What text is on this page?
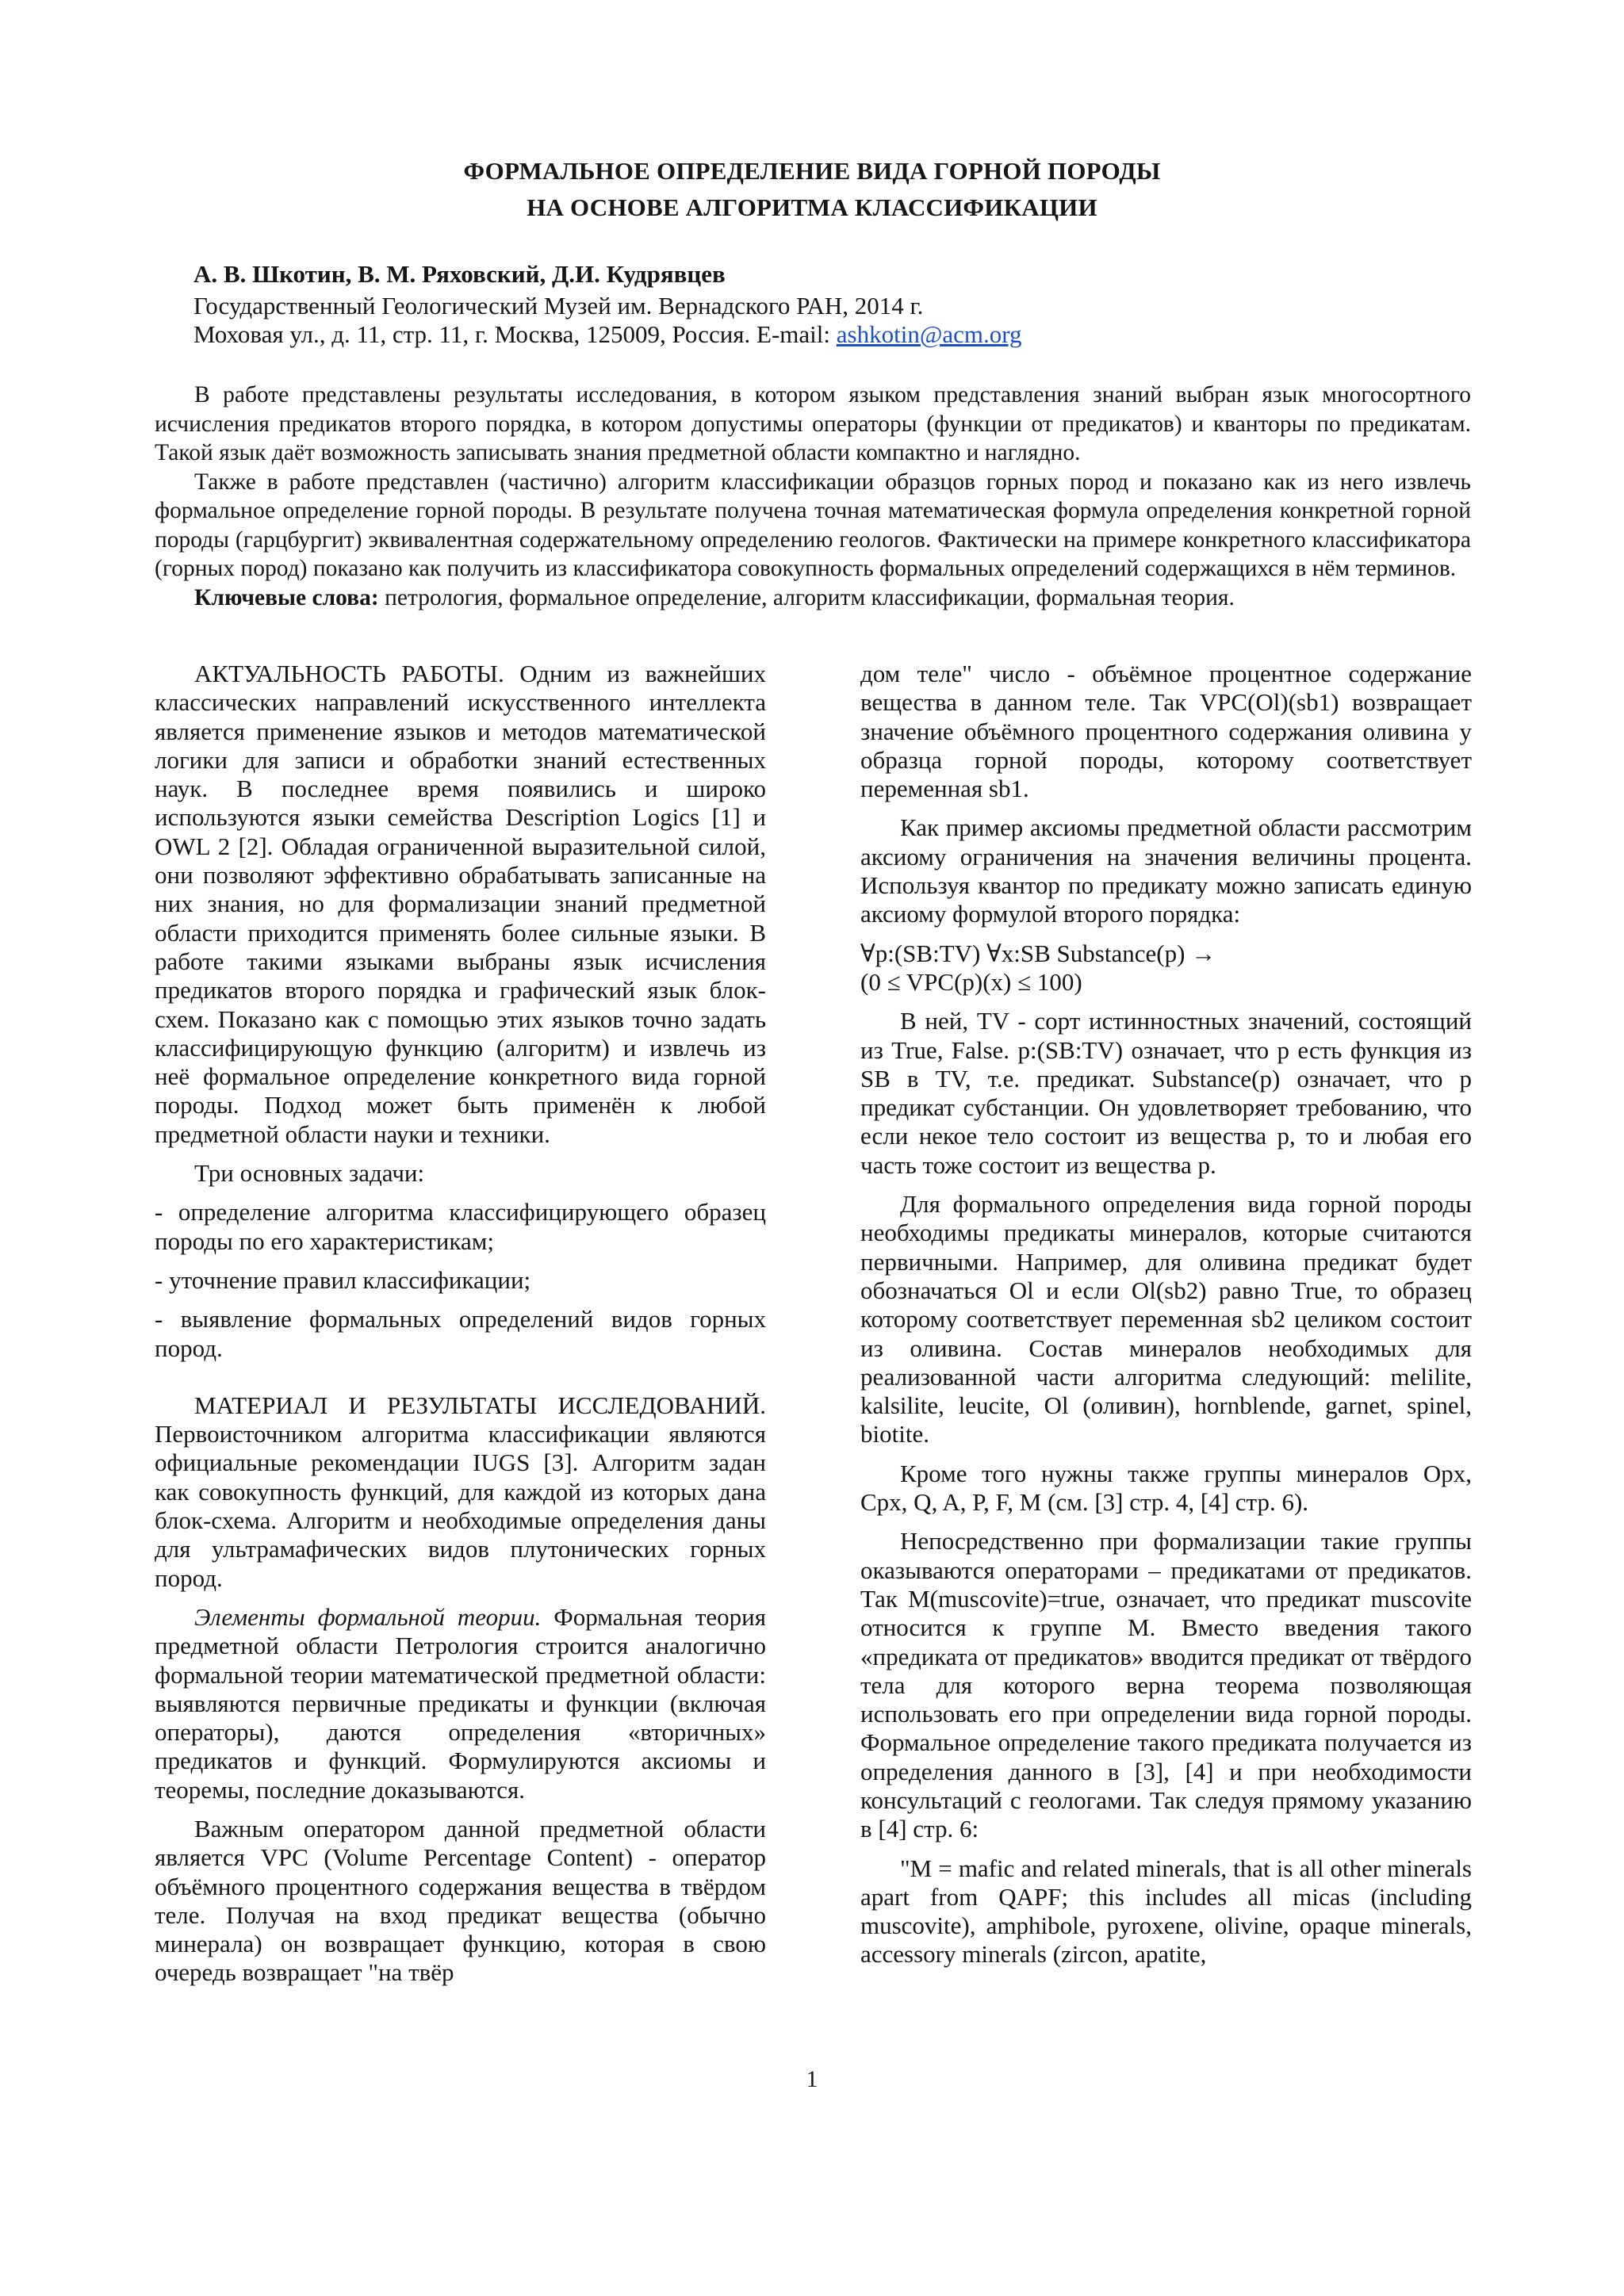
ФОРМАЛЬНОЕ ОПРЕДЕЛЕНИЕ ВИДА ГОРНОЙ ПОРОДЫ
НА ОСНОВЕ АЛГОРИТМА КЛАССИФИКАЦИИ
А. В. Шкотин, В. М. Ряховский, Д.И. Кудрявцев
Государственный Геологический Музей им. Вернадского РАН, 2014 г.
Моховая ул., д. 11, стр. 11, г. Москва, 125009, Россия. E-mail: ashkotin@acm.org

В работе представлены результаты исследования, в котором языком представления знаний выбран язык многосортного исчисления предикатов второго порядка, в котором допустимы операторы (функции от предикатов) и кванторы по предикатам. Такой язык даёт возможность записывать знания предметной области компактно и наглядно.

Также в работе представлен (частично) алгоритм классификации образцов горных пород и показано как из него извлечь формальное определение горной породы. В результате получена точная математическая формула определения конкретной горной породы (гарцбургит) эквивалентная содержательному определению геологов. Фактически на примере конкретного классификатора (горных пород) показано как получить из классификатора совокупность формальных определений содержащихся в нём терминов.

Ключевые слова: петрология, формальное определение, алгоритм классификации, формальная теория.

АКТУАЛЬНОСТЬ РАБОТЫ. Одним из важнейших классических направлений искусственного интеллекта является применение языков и методов математической логики для записи и обработки знаний естественных наук. В последнее время появились и широко используются языки семейства Description Logics [1] и OWL 2 [2]. Обладая ограниченной выразительной силой, они позволяют эффективно обрабатывать записанные на них знания, но для формализации знаний предметной области приходится применять более сильные языки. В работе такими языками выбраны язык исчисления предикатов второго порядка и графический язык блок-схем. Показано как с помощью этих языков точно задать классифицирующую функцию (алгоритм) и извлечь из неё формальное определение конкретного вида горной породы. Подход может быть применён к любой предметной области науки и техники.

Три основных задачи:

- определение алгоритма классифицирующего образец породы по его характеристикам;

- уточнение правил классификации;

- выявление формальных определений видов горных пород.

МАТЕРИАЛ И РЕЗУЛЬТАТЫ ИССЛЕДОВАНИЙ. Первоисточником алгоритма классификации являются официальные рекомендации IUGS [3]. Алгоритм задан как совокупность функций, для каждой из которых дана блок-схема. Алгоритм и необходимые определения даны для ультрамафических видов плутонических горных пород.

Элементы формальной теории. Формальная теория предметной области Петрология строится аналогично формальной теории математической предметной области: выявляются первичные предикаты и функции (включая операторы), даются определения «вторичных» предикатов и функций. Формулируются аксиомы и теоремы, последние доказываются.

Важным оператором данной предметной области является VPC (Volume Percentage Content) - оператор объёмного процентного содержания вещества в твёрдом теле. Получая на вход предикат вещества (обычно минерала) он возвращает функцию, которая в свою очередь возвращает "на твёр

дом теле" число - объёмное процентное содержание вещества в данном теле. Так VPC(Ol)(sb1) возвращает значение объёмного процентного содержания оливина у образца горной породы, которому соответствует переменная sb1.

Как пример аксиомы предметной области рассмотрим аксиому ограничения на значения величины процента. Используя квантор по предикату можно записать единую аксиому формулой второго порядка:

∀p:(SB:TV) ∀x:SB Substance(p) →
(0 ≤ VPC(p)(x) ≤ 100)

В ней, TV - сорт истинностных значений, состоящий из True, False. p:(SB:TV) означает, что p есть функция из SB в TV, т.е. предикат. Substance(p) означает, что p предикат субстанции. Он удовлетворяет требованию, что если некое тело состоит из вещества p, то и любая его часть тоже состоит из вещества p.

Для формального определения вида горной породы необходимы предикаты минералов, которые считаются первичными. Например, для оливина предикат будет обозначаться Ol и если Ol(sb2) равно True, то образец которому соответствует переменная sb2 целиком состоит из оливина. Состав минералов необходимых для реализованной части алгоритма следующий: melilite, kalsilite, leucite, Ol (оливин), hornblende, garnet, spinel, biotite.

Кроме того нужны также группы минералов Opx, Cpx, Q, A, P, F, M (см. [3] стр. 4, [4] стр. 6).

Непосредственно при формализации такие группы оказываются операторами – предикатами от предикатов. Так M(muscovite)=true, означает, что предикат muscovite относится к группе M. Вместо введения такого «предиката от предикатов» вводится предикат от твёрдого тела для которого верна теорема позволяющая использовать его при определении вида горной породы. Формальное определение такого предиката получается из определения данного в [3], [4] и при необходимости консультаций с геологами. Так следуя прямому указанию в [4] стр. 6:

"M = mafic and related minerals, that is all other minerals apart from QAPF; this includes all micas (including muscovite), amphibole, pyroxene, olivine, opaque minerals, accessory minerals (zircon, apatite,

1
